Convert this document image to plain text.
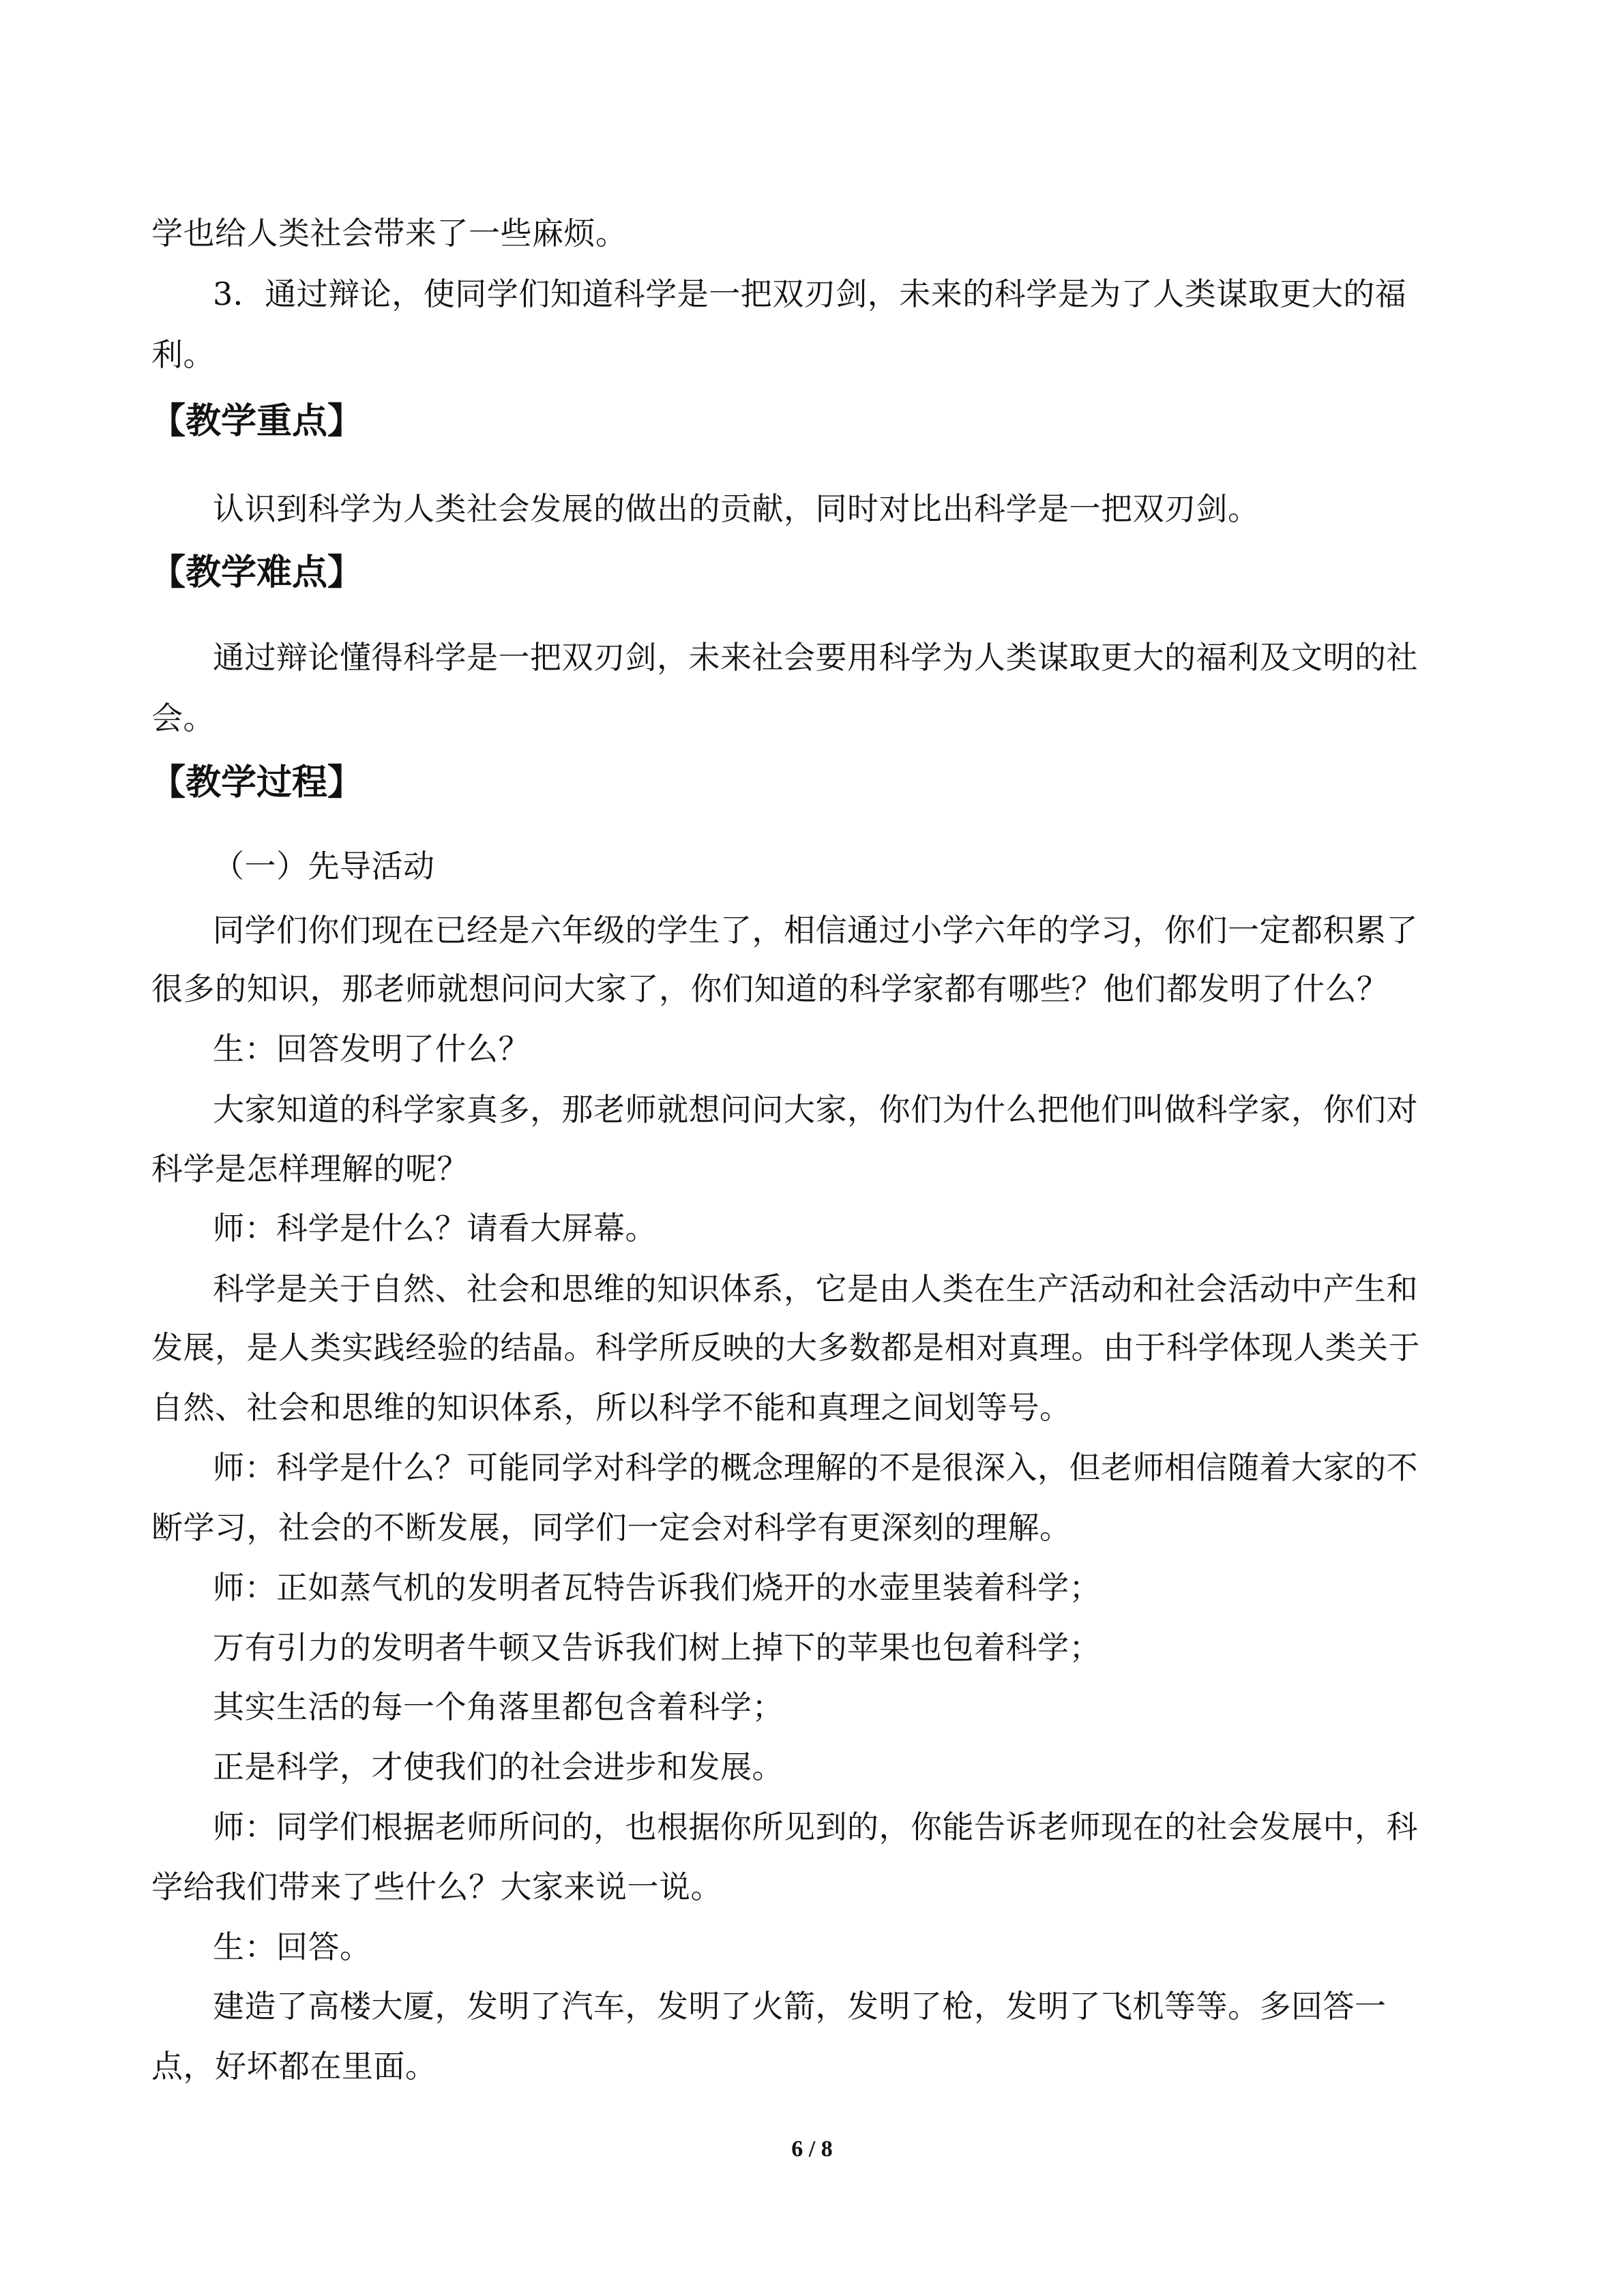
学也给人类社会带来了一些麻烦。
3．通过辩论，使同学们知道科学是一把双刃剑，未来的科学是为了人类谋取更大的福
利。
【教学重点】
认识到科学为人类社会发展的做出的贡献，同时对比出科学是一把双刃剑。
【教学难点】
通过辩论懂得科学是一把双刃剑，未来社会要用科学为人类谋取更大的福利及文明的社
会。
【教学过程】
（一）先导活动
同学们你们现在已经是六年级的学生了，相信通过小学六年的学习，你们一定都积累了
很多的知识，那老师就想问问大家了，你们知道的科学家都有哪些？他们都发明了什么？
生：回答发明了什么？
大家知道的科学家真多，那老师就想问问大家，你们为什么把他们叫做科学家，你们对
科学是怎样理解的呢？
师：科学是什么？请看大屏幕。
科学是关于自然、社会和思维的知识体系，它是由人类在生产活动和社会活动中产生和
发展，是人类实践经验的结晶。科学所反映的大多数都是相对真理。由于科学体现人类关于
自然、社会和思维的知识体系，所以科学不能和真理之间划等号。
师：科学是什么？可能同学对科学的概念理解的不是很深入，但老师相信随着大家的不
断学习，社会的不断发展，同学们一定会对科学有更深刻的理解。
师：正如蒸气机的发明者瓦特告诉我们烧开的水壶里装着科学；
万有引力的发明者牛顿又告诉我们树上掉下的苹果也包着科学；
其实生活的每一个角落里都包含着科学；
正是科学，才使我们的社会进步和发展。
师：同学们根据老师所问的，也根据你所见到的，你能告诉老师现在的社会发展中，科
学给我们带来了些什么？大家来说一说。
生：回答。
建造了高楼大厦，发明了汽车，发明了火箭，发明了枪，发明了飞机等等。多回答一
点，好坏都在里面。
6 / 8
